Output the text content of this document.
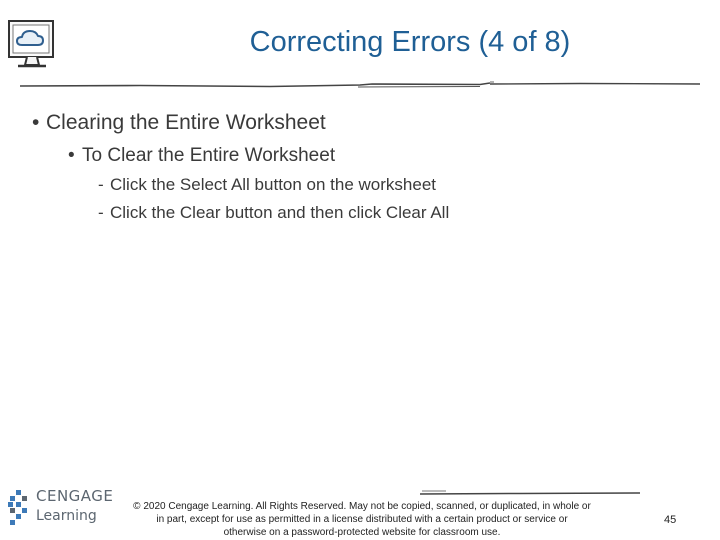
Correcting Errors (4 of 8)

• Clearing the Entire Worksheet

• To Clear the Entire Worksheet

- Click the Select All button on the worksheet

- Click the Clear button and then click Clear All

CENGAGE
Learning
© 2020 Cengage Learning. All Rights Reserved. May not be copied, scanned, or duplicated, in whole or
in part, except for use as permitted in a license distributed with a certain product or service or
otherwise on a password-protected website for classroom use.
45
